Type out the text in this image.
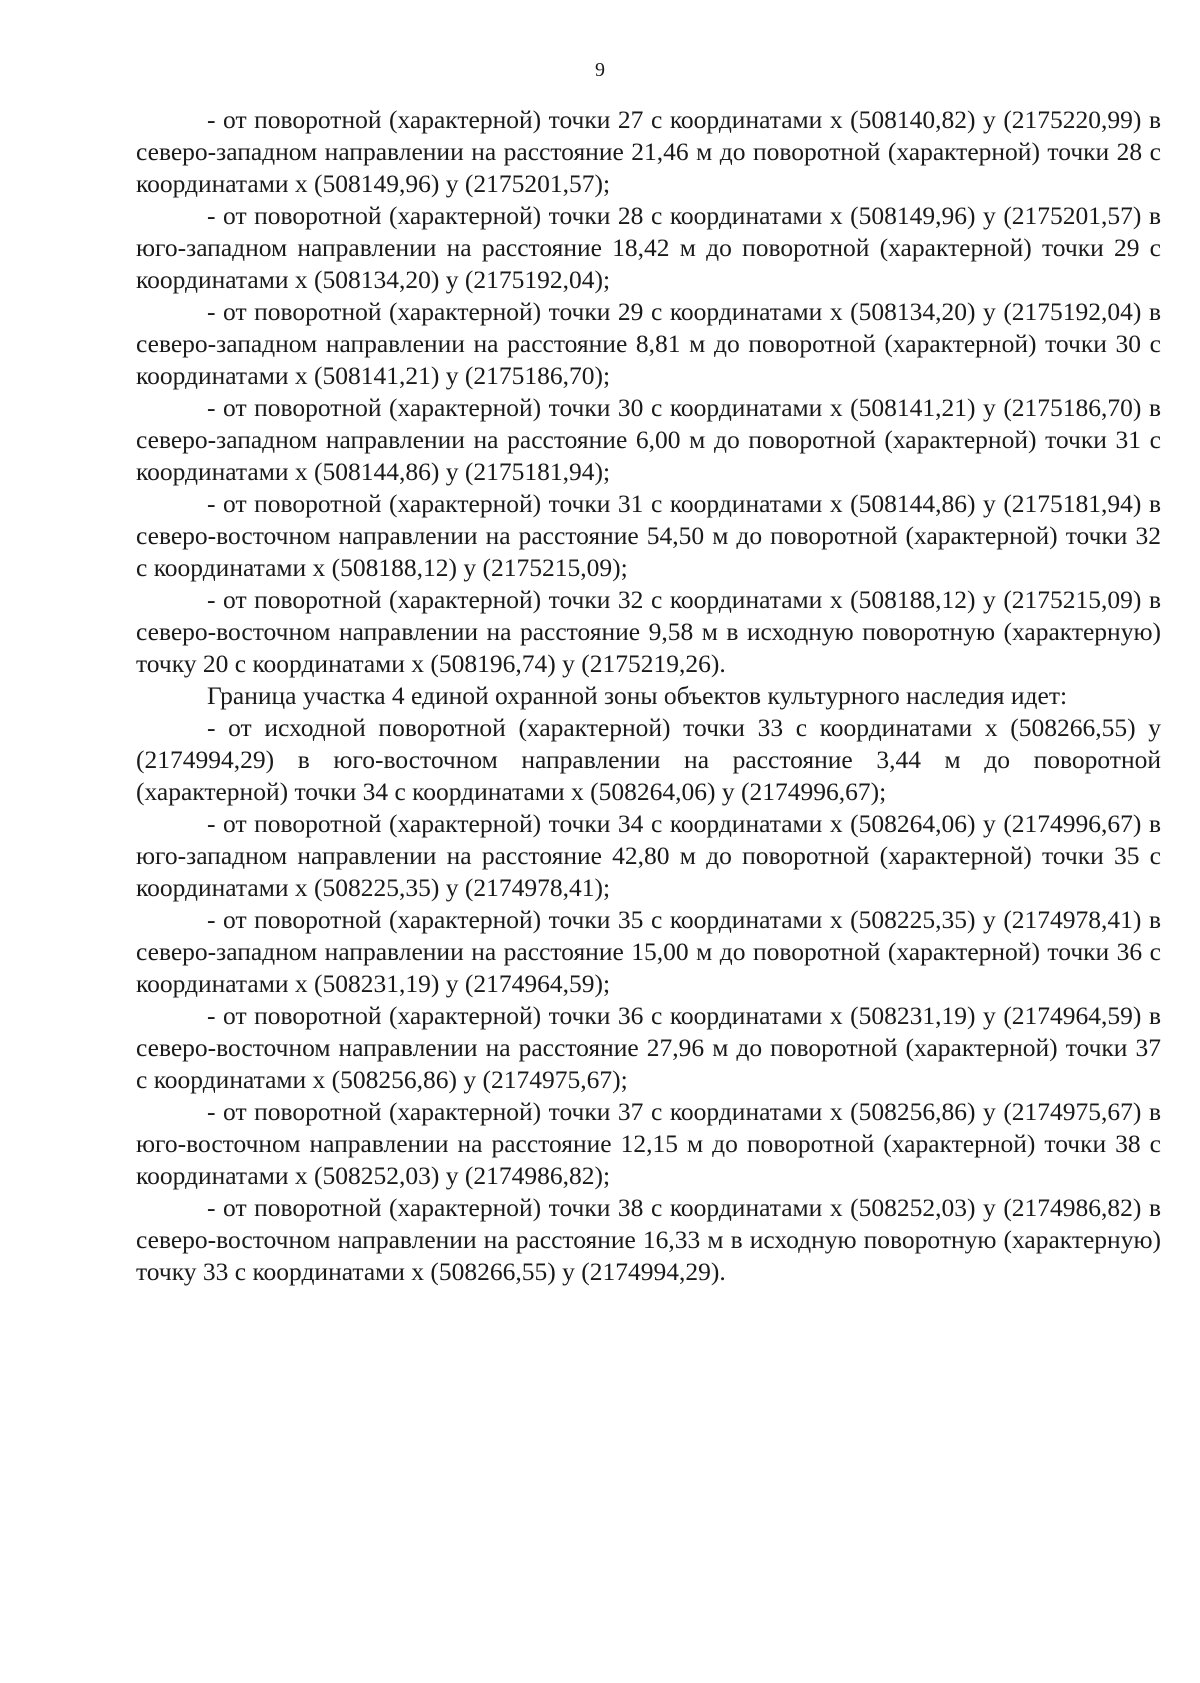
9

- от поворотной (характерной) точки 27 с координатами x (508140,82) y (2175220,99) в северо-западном направлении на расстояние 21,46 м до поворотной (характерной) точки 28 с координатами x (508149,96) y (2175201,57);

- от поворотной (характерной) точки 28 с координатами x (508149,96) y (2175201,57) в юго-западном направлении на расстояние 18,42 м до поворотной (характерной) точки 29 с координатами x (508134,20) y (2175192,04);

- от поворотной (характерной) точки 29 с координатами x (508134,20) y (2175192,04) в северо-западном направлении на расстояние 8,81 м до поворотной (характерной) точки 30 с координатами x (508141,21) y (2175186,70);

- от поворотной (характерной) точки 30 с координатами x (508141,21) y (2175186,70) в северо-западном направлении на расстояние 6,00 м до поворотной (характерной) точки 31 с координатами x (508144,86) y (2175181,94);

- от поворотной (характерной) точки 31 с координатами x (508144,86) y (2175181,94) в северо-восточном направлении на расстояние 54,50 м до поворотной (характерной) точки 32 с координатами x (508188,12) y (2175215,09);

- от поворотной (характерной) точки 32 с координатами x (508188,12) y (2175215,09) в северо-восточном направлении на расстояние 9,58 м в исходную поворотную (характерную) точку 20 с координатами x (508196,74) y (2175219,26).

Граница участка 4 единой охранной зоны объектов культурного наследия идет:

- от исходной поворотной (характерной) точки 33 с координатами x (508266,55) y (2174994,29) в юго-восточном направлении на расстояние 3,44 м до поворотной (характерной) точки 34 с координатами x (508264,06) y (2174996,67);

- от поворотной (характерной) точки 34 с координатами x (508264,06) y (2174996,67) в юго-западном направлении на расстояние 42,80 м до поворотной (характерной) точки 35 с координатами x (508225,35) y (2174978,41);

- от поворотной (характерной) точки 35 с координатами x (508225,35) y (2174978,41) в северо-западном направлении на расстояние 15,00 м до поворотной (характерной) точки 36 с координатами x (508231,19) y (2174964,59);

- от поворотной (характерной) точки 36 с координатами x (508231,19) y (2174964,59) в северо-восточном направлении на расстояние 27,96 м до поворотной (характерной) точки 37 с координатами x (508256,86) y (2174975,67);

- от поворотной (характерной) точки 37 с координатами x (508256,86) y (2174975,67) в юго-восточном направлении на расстояние 12,15 м до поворотной (характерной) точки 38 с координатами x (508252,03) y (2174986,82);

- от поворотной (характерной) точки 38 с координатами x (508252,03) y (2174986,82) в северо-восточном направлении на расстояние 16,33 м в исходную поворотную (характерную) точку 33 с координатами x (508266,55) y (2174994,29).
